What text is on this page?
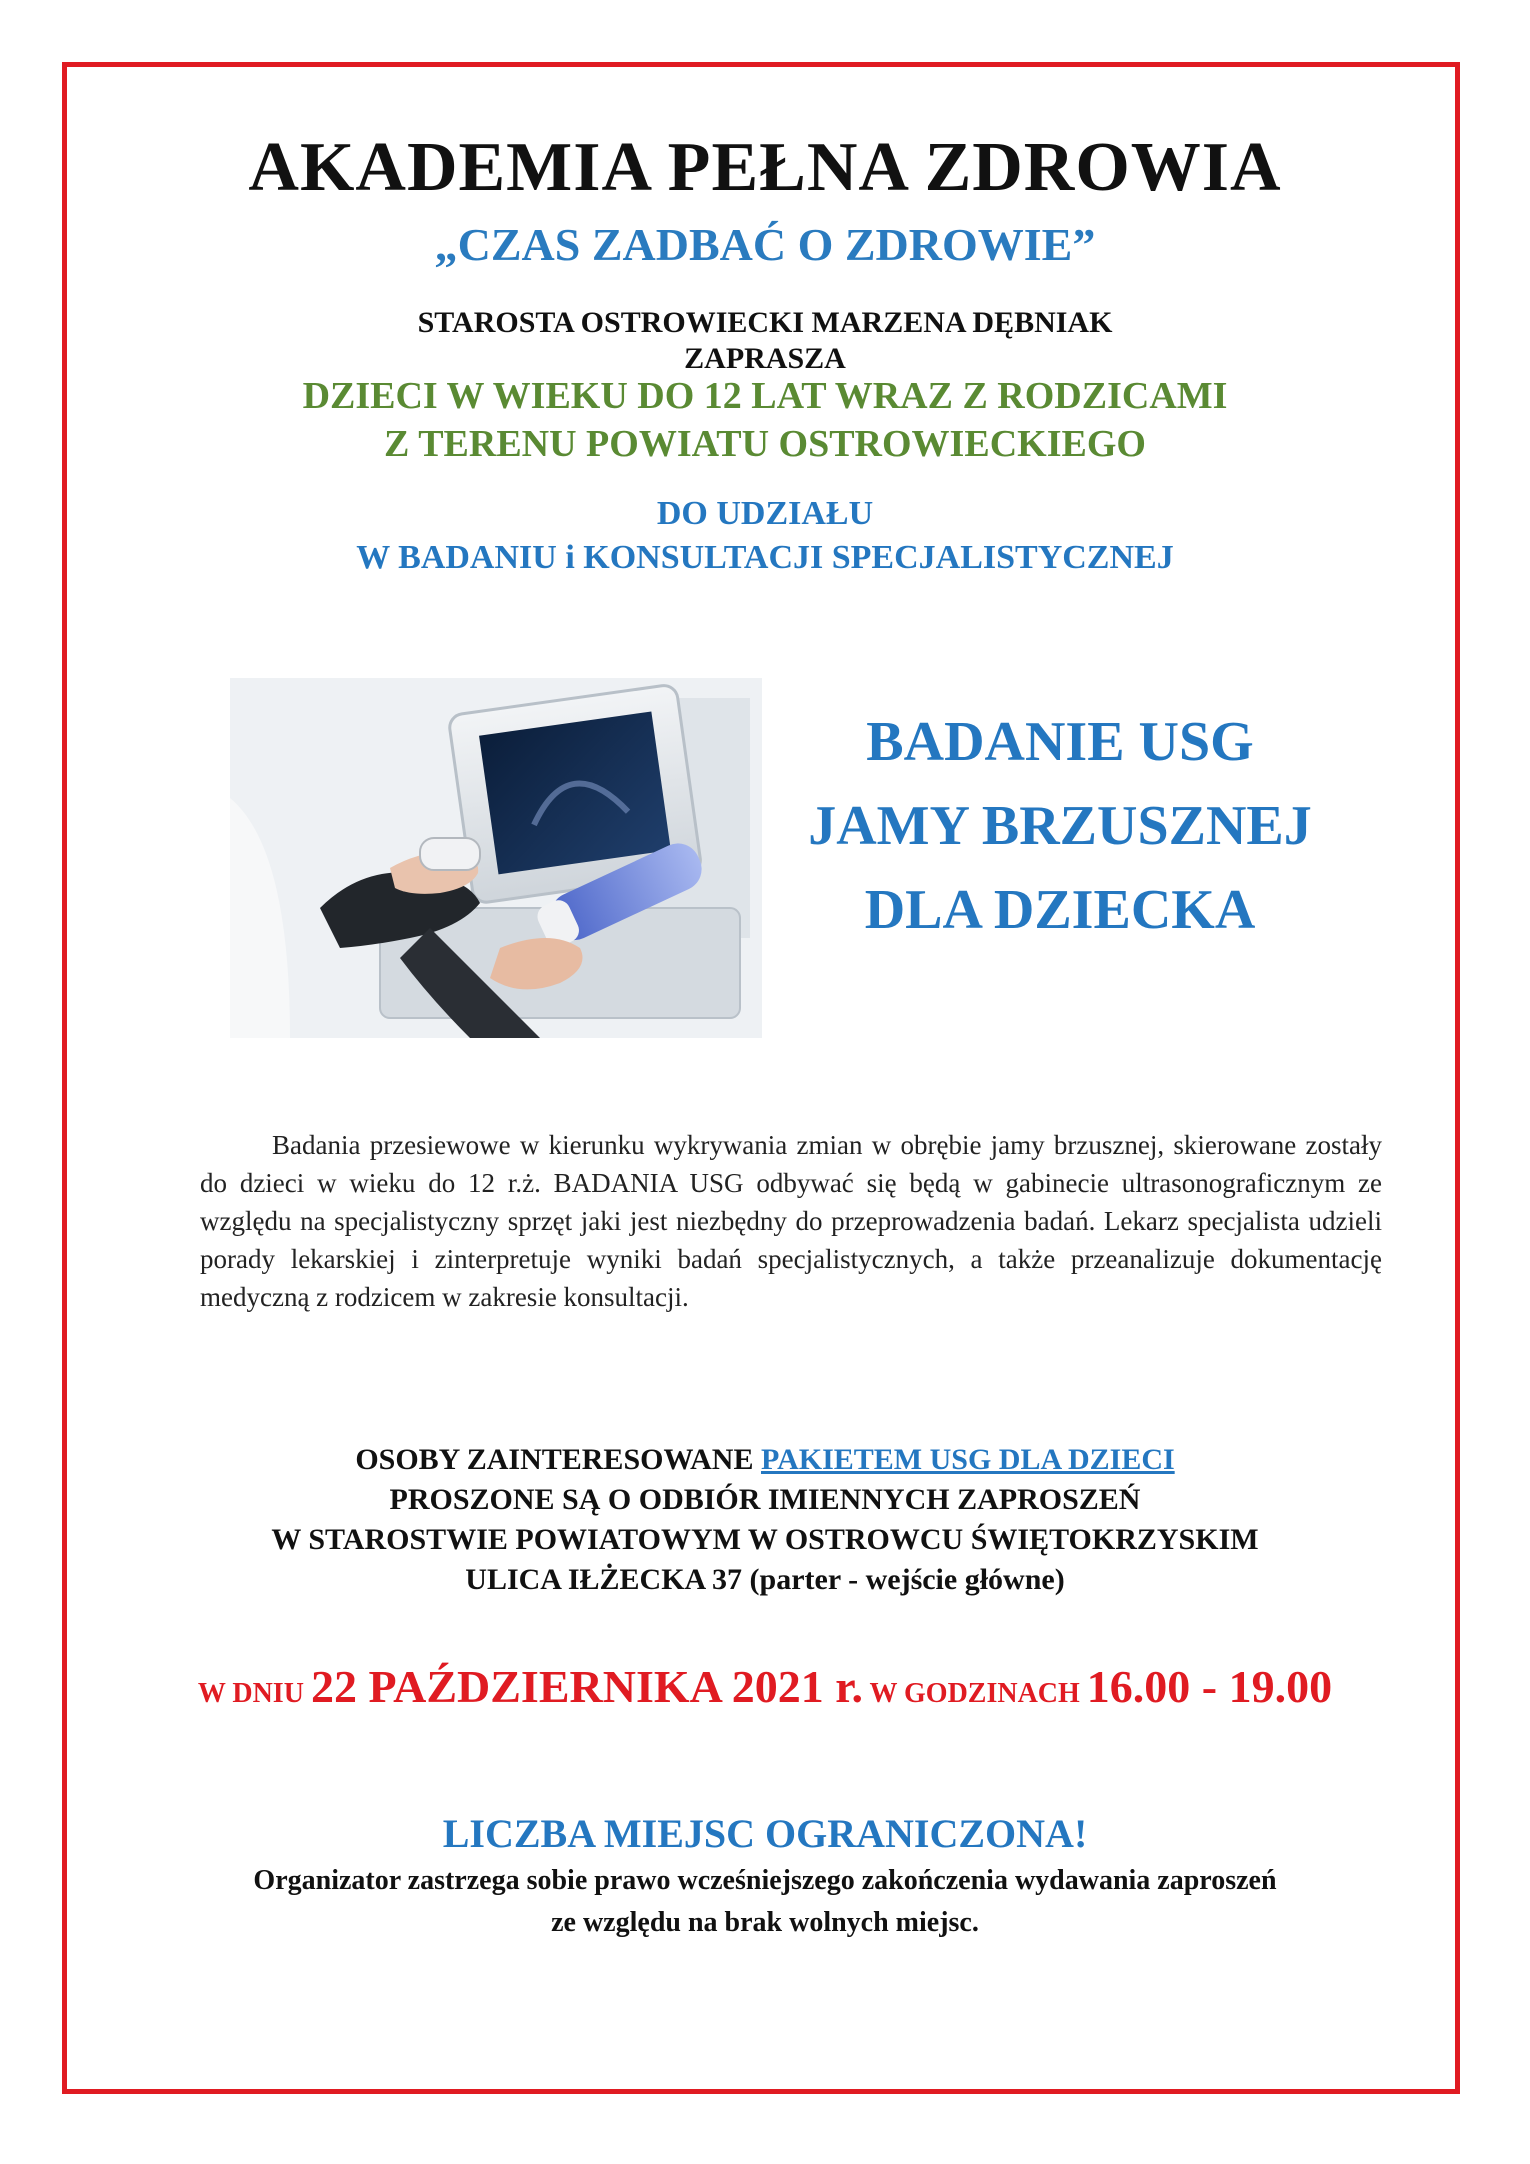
AKADEMIA PEŁNA ZDROWIA
„CZAS ZADBAĆ O ZDROWIE”
STAROSTA OSTROWIECKI MARZENA DĘBNIAK
ZAPRASZA
DZIECI W WIEKU DO 12 LAT WRAZ Z RODZICAMI
Z TERENU POWIATU OSTROWIECKIEGO
DO UDZIAŁU
W BADANIU i KONSULTACJI SPECJALISTYCZNEJ
BADANIE USG
JAMY BRZUSZNEJ
DLA DZIECKA

Badania przesiewowe w kierunku wykrywania zmian w obrębie jamy brzusznej, skierowane zostały do dzieci w wieku do 12 r.ż. BADANIA USG odbywać się będą w gabinecie ultrasonograficznym ze względu na specjalistyczny sprzęt jaki jest niezbędny do przeprowadzenia badań. Lekarz specjalista udzieli porady lekarskiej i zinterpretuje wyniki badań specjalistycznych, a także przeanalizuje dokumentację medyczną z rodzicem w zakresie konsultacji.

OSOBY ZAINTERESOWANE PAKIETEM USG DLA DZIECI
PROSZONE SĄ O ODBIÓR IMIENNYCH ZAPROSZEŃ
W STAROSTWIE POWIATOWYM W OSTROWCU ŚWIĘTOKRZYSKIM
ULICA IŁŻECKA 37 (parter - wejście główne)
W DNIU 22 PAŹDZIERNIKA 2021 r. W GODZINACH 16.00 - 19.00
LICZBA MIEJSC OGRANICZONA!
Organizator zastrzega sobie prawo wcześniejszego zakończenia wydawania zaproszeń
ze względu na brak wolnych miejsc.
